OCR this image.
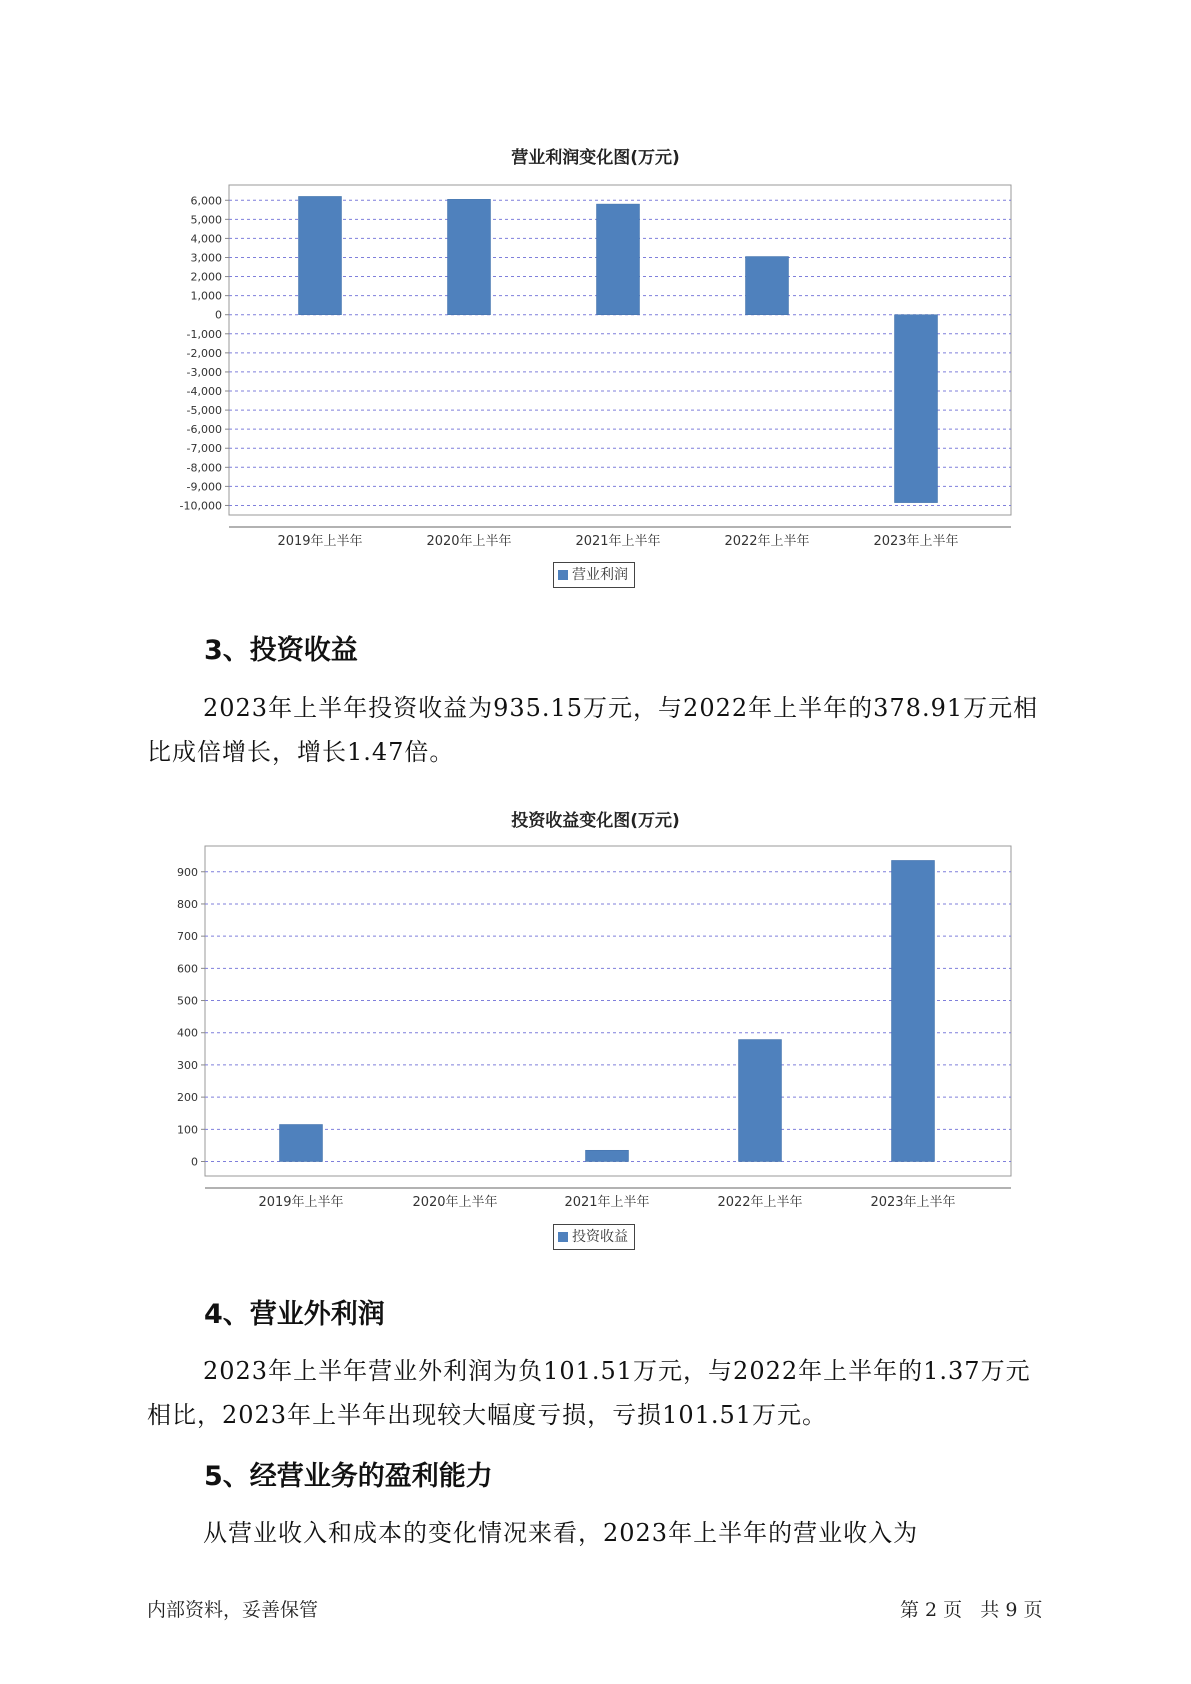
营业利润变化图(万元)
6,000
5,000
4,000
3,000
2,000
1,000
0
-1,000
-2,000
-3,000
-4,000
-5,000
-6,000
-7,000
-8,000
-9,000
-10,000
2019年上半年	2020年上半年	2021年上半年	2022年上半年	2023年上半年
营业利润
3、投资收益

2023年上半年投资收益为935.15万元，与2022年上半年的378.91万元相比成倍增长，增长1.47倍。

投资收益变化图(万元)
900
800
700
600
500
400
300
200
100
0
2019年上半年	2020年上半年	2021年上半年	2022年上半年	2023年上半年
投资收益
4、营业外利润

2023年上半年营业外利润为负101.51万元，与2022年上半年的1.37万元相比，2023年上半年出现较大幅度亏损，亏损101.51万元。

5、经营业务的盈利能力

从营业收入和成本的变化情况来看，2023年上半年的营业收入为

内部资料，妥善保管	第 2 页   共 9 页
